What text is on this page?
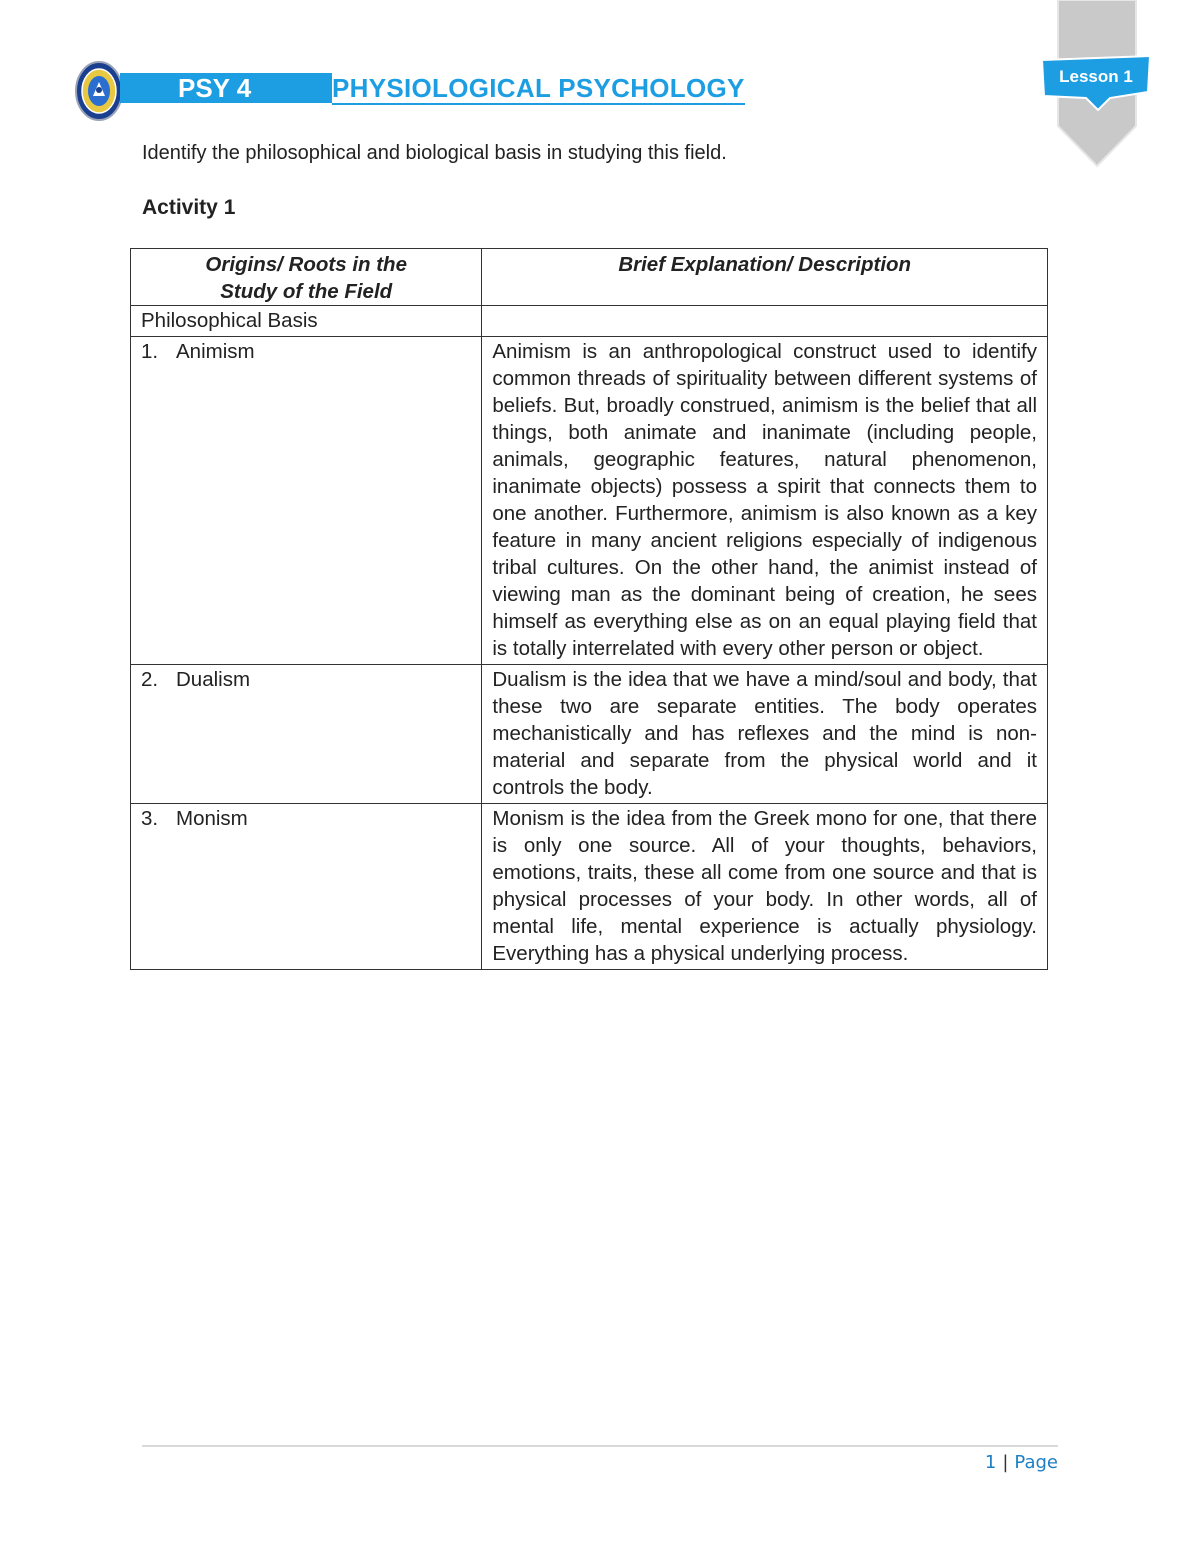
PSY 4	PHYSIOLOGICAL PSYCHOLOGY	Lesson 1
Identify the philosophical and biological basis in studying this field.
Activity 1
Origins/ Roots in the Study of the Field	Brief Explanation/ Description
Philosophical Basis	
1. Animism	Animism is an anthropological construct used to identify common threads of spirituality between different systems of beliefs. But, broadly construed, animism is the belief that all things, both animate and inanimate (including people, animals, geographic features, natural phenomenon, inanimate objects) possess a spirit that connects them to one another. Furthermore, animism is also known as a key feature in many ancient religions especially of indigenous tribal cultures. On the other hand, the animist instead of viewing man as the dominant being of creation, he sees himself as everything else as on an equal playing field that is totally interrelated with every other person or object.
2. Dualism	Dualism is the idea that we have a mind/soul and body, that these two are separate entities. The body operates mechanistically and has reflexes and the mind is non-material and separate from the physical world and it controls the body.
3. Monism	Monism is the idea from the Greek mono for one, that there is only one source. All of your thoughts, behaviors, emotions, traits, these all come from one source and that is physical processes of your body. In other words, all of mental life, mental experience is actually physiology. Everything has a physical underlying process.
1 | Page
